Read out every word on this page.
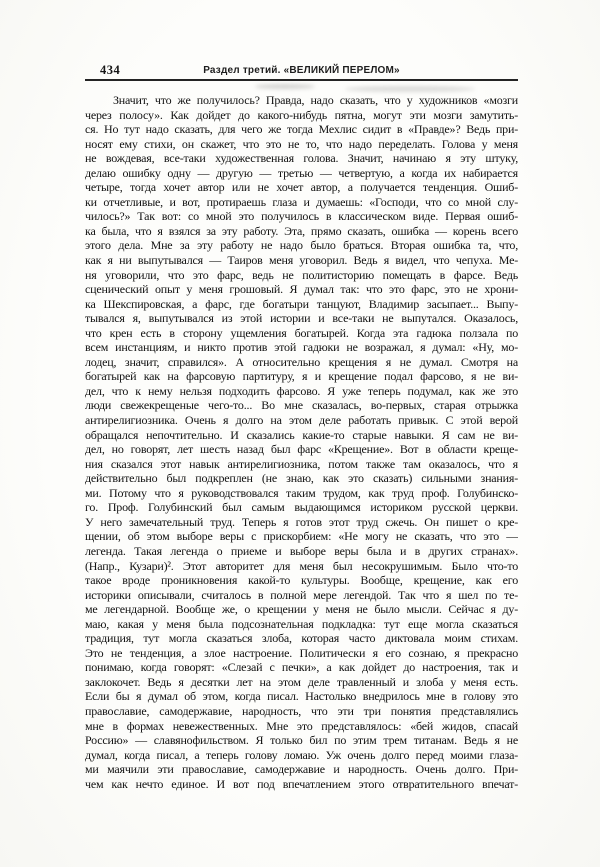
434	Раздел третий. «ВЕЛИКИЙ ПЕРЕЛОМ»
Значит, что же получилось? Правда, надо сказать, что у художников «мозги
через полосу». Как дойдет до какого-нибудь пятна, могут эти мозги замутить-
ся. Но тут надо сказать, для чего же тогда Мехлис сидит в «Правде»? Ведь при-
носят ему стихи, он скажет, что это не то, что надо переделать. Голова у меня
не вождевая, все-таки художественная голова. Значит, начинаю я эту штуку,
делаю ошибку одну — другую — третью — четвертую, а когда их набирается
четыре, тогда хочет автор или не хочет автор, а получается тенденция. Ошиб-
ки отчетливые, и вот, протираешь глаза и думаешь: «Господи, что со мной слу-
чилось?» Так вот: со мной это получилось в классическом виде. Первая ошиб-
ка была, что я взялся за эту работу. Эта, прямо сказать, ошибка — корень всего
этого дела. Мне за эту работу не надо было браться. Вторая ошибка та, что,
как я ни выпутывался — Таиров меня уговорил. Ведь я видел, что чепуха. Ме-
ня уговорили, что это фарс, ведь не политисторию помещать в фарсе. Ведь
сценический опыт у меня грошовый. Я думал так: что это фарс, это не хрони-
ка Шекспировская, а фарс, где богатыри танцуют, Владимир засыпает... Выпу-
тывался я, выпутывался из этой истории и все-таки не выпутался. Оказалось,
что крен есть в сторону ущемления богатырей. Когда эта гадюка ползала по
всем инстанциям, и никто против этой гадюки не возражал, я думал: «Ну, мо-
лодец, значит, справился». А относительно крещения я не думал. Смотря на
богатырей как на фарсовую партитуру, я и крещение подал фарсово, я не ви-
дел, что к нему нельзя подходить фарсово. Я уже теперь подумал, как же это
люди свежекрещеные чего-то... Во мне сказалась, во-первых, старая отрыжка
антирелигиозника. Очень я долго на этом деле работать привык. С этой верой
обращался непочтительно. И сказались какие-то старые навыки. Я сам не ви-
дел, но говорят, лет шесть назад был фарс «Крещение». Вот в области креще-
ния сказался этот навык антирелигиозника, потом также там оказалось, что я
действительно был подкреплен (не знаю, как это сказать) сильными знания-
ми. Потому что я руководствовался таким трудом, как труд проф. Голубинско-
го. Проф. Голубинский был самым выдающимся историком русской церкви.
У него замечательный труд. Теперь я готов этот труд сжечь. Он пишет о кре-
щении, об этом выборе веры с прискорбием: «Не могу не сказать, что это —
легенда. Такая легенда о приеме и выборе веры была и в других странах».
(Напр., Кузари)². Этот авторитет для меня был несокрушимым. Было что-то
такое вроде проникновения какой-то культуры. Вообще, крещение, как его
историки описывали, считалось в полной мере легендой. Так что я шел по те-
ме легендарной. Вообще же, о крещении у меня не было мысли. Сейчас я ду-
маю, какая у меня была подсознательная подкладка: тут еще могла сказаться
традиция, тут могла сказаться злоба, которая часто диктовала моим стихам.
Это не тенденция, а злое настроение. Политически я его сознаю, я прекрасно
понимаю, когда говорят: «Слезай с печки», а как дойдет до настроения, так и
заклокочет. Ведь я десятки лет на этом деле травленный и злоба у меня есть.
Если бы я думал об этом, когда писал. Настолько внедрилось мне в голову это
православие, самодержавие, народность, что эти три понятия представлялись
мне в формах невежественных. Мне это представлялось: «бей жидов, спасай
Россию» — славянофильством. Я только бил по этим трем титанам. Ведь я не
думал, когда писал, а теперь голову ломаю. Уж очень долго перед моими глаза-
ми маячили эти православие, самодержавие и народность. Очень долго. При-
чем как нечто единое. И вот под впечатлением этого отвратительного впечат-
